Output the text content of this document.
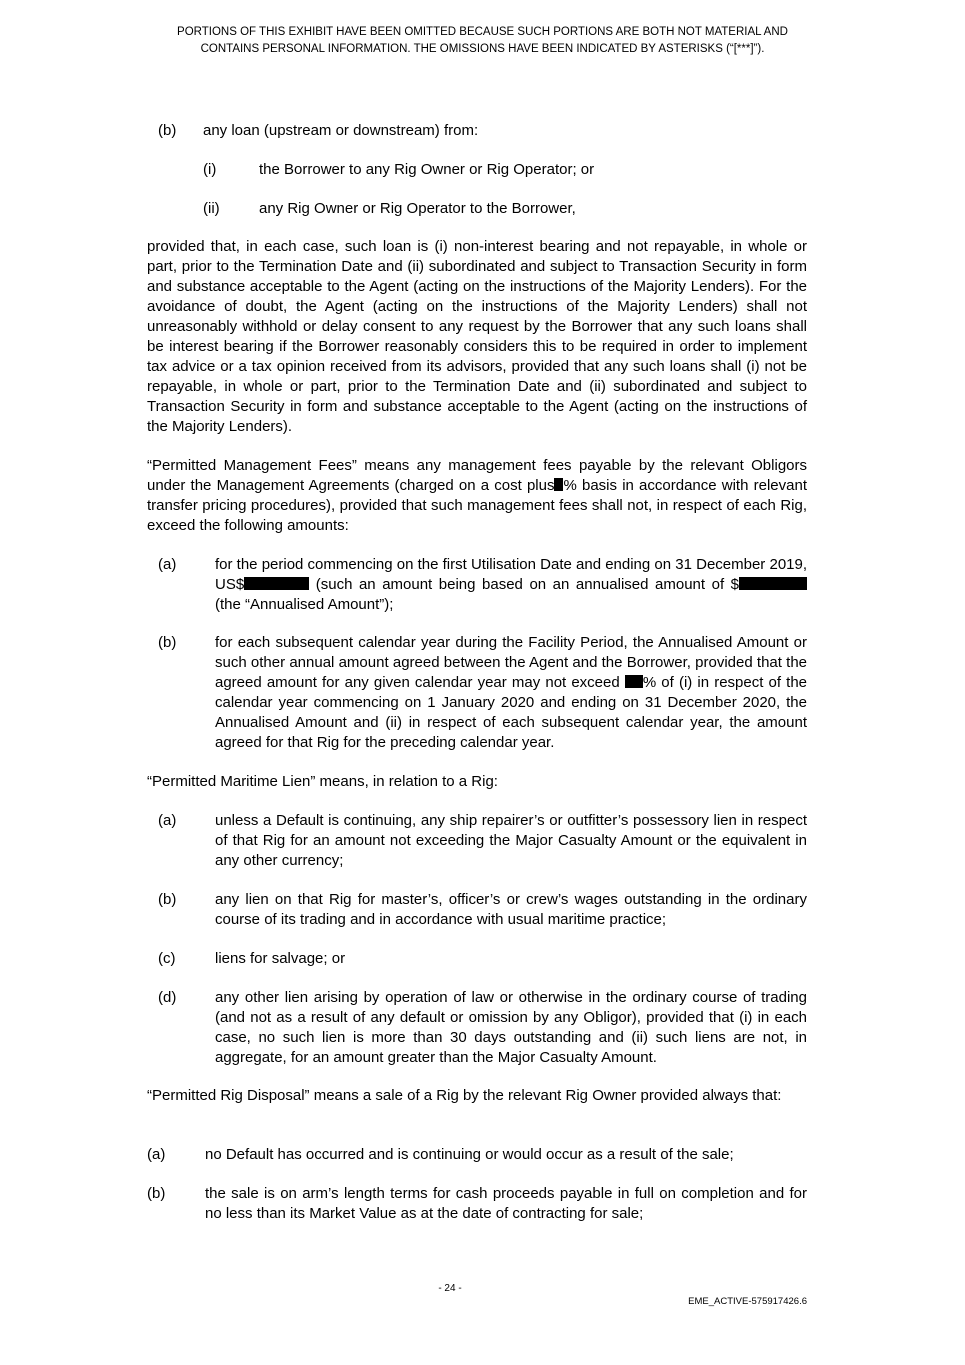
PORTIONS OF THIS EXHIBIT HAVE BEEN OMITTED BECAUSE SUCH PORTIONS ARE BOTH NOT MATERIAL AND
CONTAINS PERSONAL INFORMATION. THE OMISSIONS HAVE BEEN INDICATED BY ASTERISKS (“[***]”).
(b) any loan (upstream or downstream) from:
(i)	the Borrower to any Rig Owner or Rig Operator; or
(ii)	any Rig Owner or Rig Operator to the Borrower,
provided that, in each case, such loan is (i) non-interest bearing and not repayable, in whole or part, prior to the Termination Date and (ii) subordinated and subject to Transaction Security in form and substance acceptable to the Agent (acting on the instructions of the Majority Lenders). For the avoidance of doubt, the Agent (acting on the instructions of the Majority Lenders) shall not unreasonably withhold or delay consent to any request by the Borrower that any such loans shall be interest bearing if the Borrower reasonably considers this to be required in order to implement tax advice or a tax opinion received from its advisors, provided that any such loans shall (i) not be repayable, in whole or part, prior to the Termination Date and (ii) subordinated and subject to Transaction Security in form and substance acceptable to the Agent (acting on the instructions of the Majority Lenders).
“Permitted Management Fees” means any management fees payable by the relevant Obligors under the Management Agreements (charged on a cost plus % basis in accordance with relevant transfer pricing procedures), provided that such management fees shall not, in respect of each Rig, exceed the following amounts:
(a)	for the period commencing on the first Utilisation Date and ending on 31 December 2019, US$	(such an amount being based on an annualised amount of $ (the “Annualised Amount”);
(b)	for each subsequent calendar year during the Facility Period, the Annualised Amount or such other annual amount agreed between the Agent and the Borrower, provided that the agreed amount for any given calendar year may not exceed % of (i) in respect of the calendar year commencing on 1 January 2020 and ending on 31 December 2020, the Annualised Amount and (ii) in respect of each subsequent calendar year, the amount agreed for that Rig for the preceding calendar year.
“Permitted Maritime Lien” means, in relation to a Rig:
(a)	unless a Default is continuing, any ship repairer’s or outfitter’s possessory lien in respect of that Rig for an amount not exceeding the Major Casualty Amount or the equivalent in any other currency;
(b)	any lien on that Rig for master’s, officer’s or crew’s wages outstanding in the ordinary course of its trading and in accordance with usual maritime practice;
(c)	liens for salvage; or
(d)	any other lien arising by operation of law or otherwise in the ordinary course of trading (and not as a result of any default or omission by any Obligor), provided that (i) in each case, no such lien is more than 30 days outstanding and (ii) such liens are not, in aggregate, for an amount greater than the Major Casualty Amount.
“Permitted Rig Disposal” means a sale of a Rig by the relevant Rig Owner provided always that:
(a)	no Default has occurred and is continuing or would occur as a result of the sale;
(b)	the sale is on arm’s length terms for cash proceeds payable in full on completion and for no less than its Market Value as at the date of contracting for sale;
- 24 -
EME_ACTIVE-575917426.6
